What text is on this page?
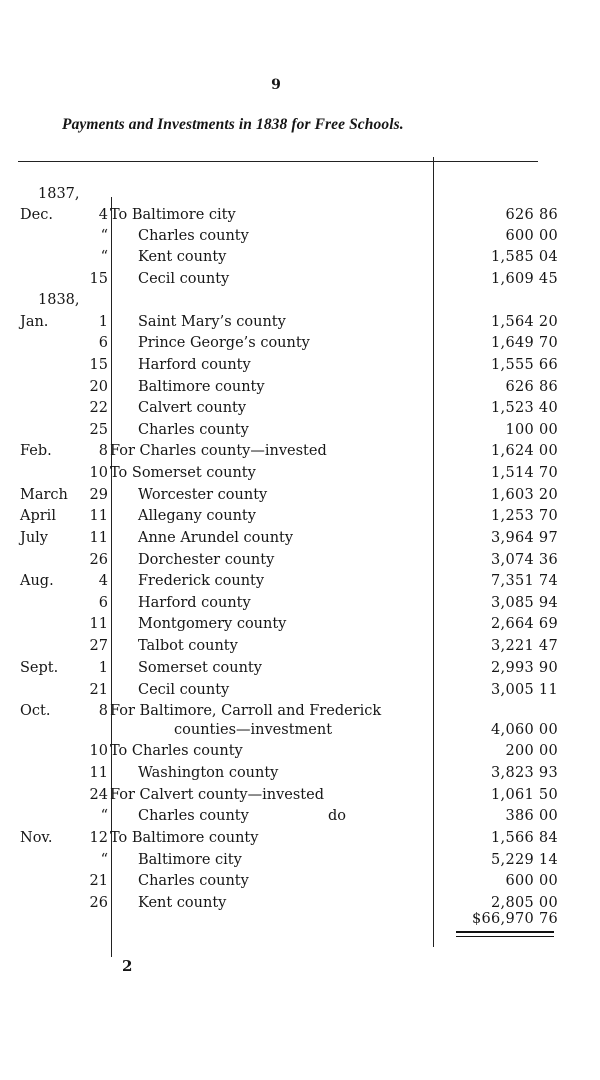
9
Payments and Investments in 1838 for Free Schools.
1837,
Dec.	4 To Baltimore city	626 86
“	Charles county	600 00
“	Kent county	1,585 04
15	Cecil county	1,609 45
1838,
Jan.	1	Saint Mary’s county	1,564 20
6	Prince George’s county	1,649 70
15	Harford county	1,555 66
20	Baltimore county	626 86
22	Calvert county	1,523 40
25	Charles county	100 00
Feb.	8 For Charles county—invested	1,624 00
10 To Somerset county	1,514 70
March	29	Worcester county	1,603 20
April	11	Allegany county	1,253 70
July	11	Anne Arundel county	3,964 97
26	Dorchester county	3,074 36
Aug.	4	Frederick county	7,351 74
6	Harford county	3,085 94
11	Montgomery county	2,664 69
27	Talbot county	3,221 47
Sept.	1	Somerset county	2,993 90
21	Cecil county	3,005 11
Oct.	8 For Baltimore, Carroll and Frederick
counties—investment	4,060 00
10 To Charles county	200 00
11	Washington county	3,823 93
24 For Calvert county—invested	1,061 50
“	Charles county	do	386 00
Nov.	12 To Baltimore county	1,566 84
“	Baltimore city	5,229 14
21	Charles county	600 00
26	Kent county	2,805 00
$66,970 76
2
